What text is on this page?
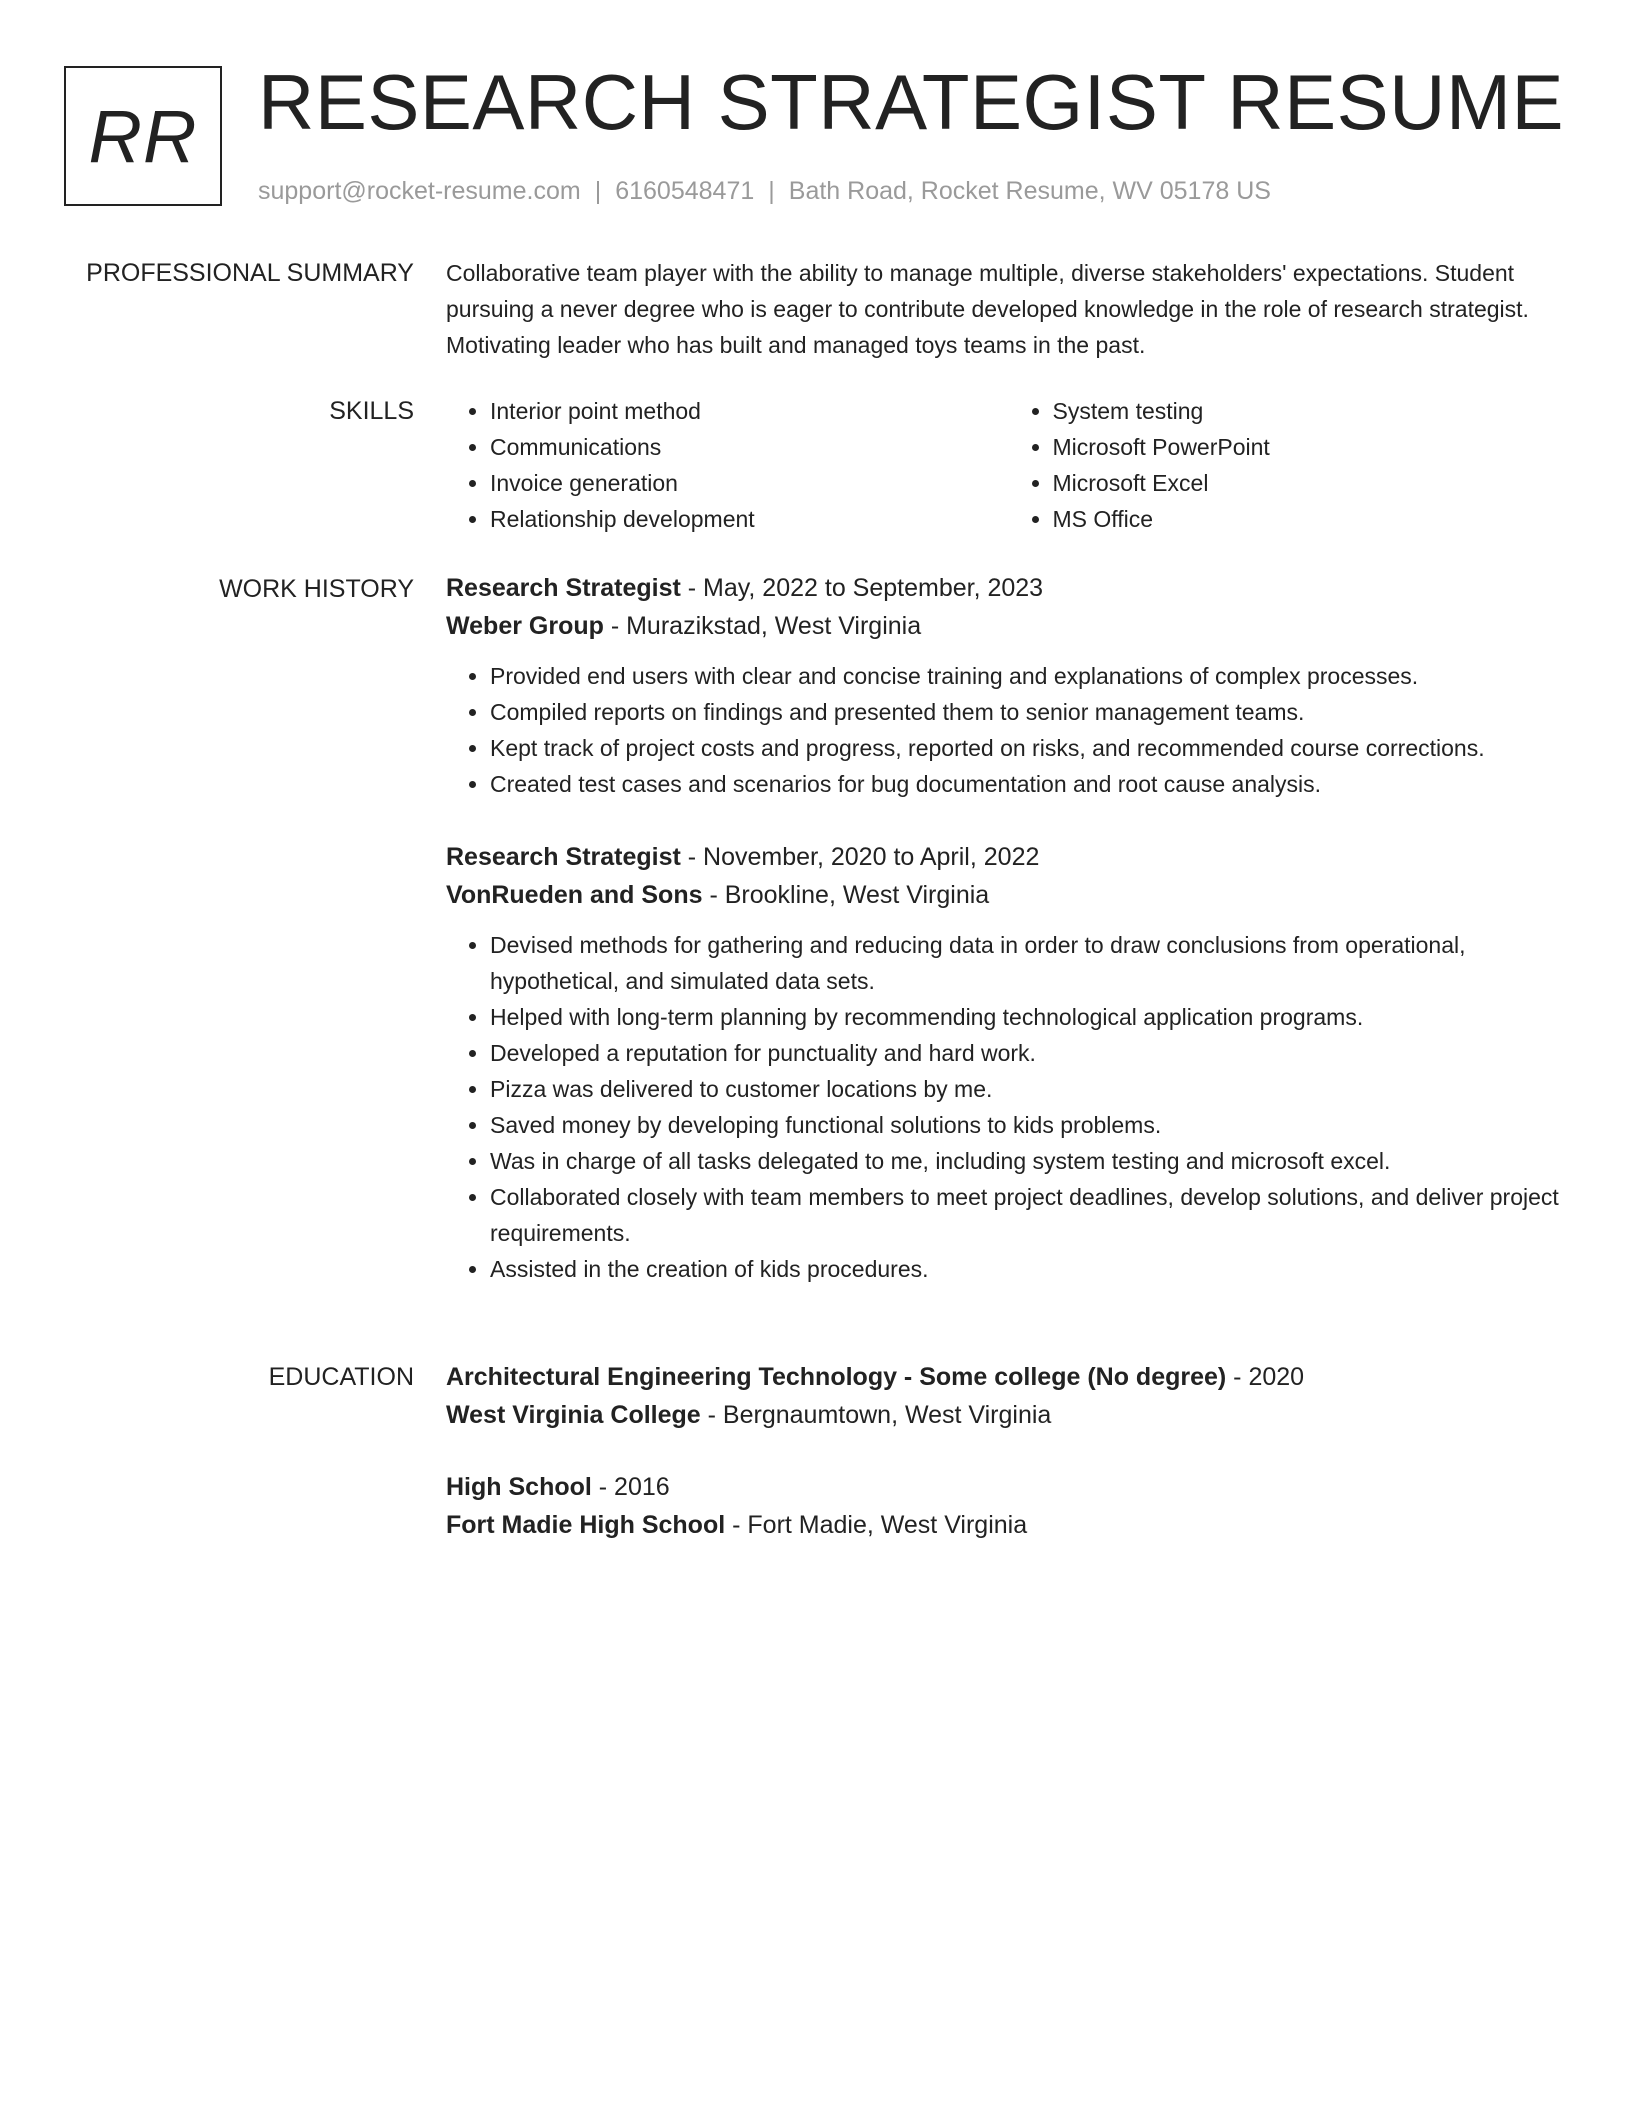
RR RESEARCH STRATEGIST RESUME
support@rocket-resume.com | 6160548471 | Bath Road, Rocket Resume, WV 05178 US
PROFESSIONAL SUMMARY Collaborative team player with the ability to manage multiple, diverse stakeholders' expectations. Student pursuing a never degree who is eager to contribute developed knowledge in the role of research strategist. Motivating leader who has built and managed toys teams in the past.

SKILLS
•	Interior point method
• Communications
• Invoice generation
• Relationship development
• System testing
• Microsoft PowerPoint
• Microsoft Excel
• MS Office
WORK HISTORY Research Strategist - May, 2022 to September, 2023
Weber Group - Murazikstad, West Virginia
• Provided end users with clear and concise training and explanations of complex processes.
• Compiled reports on findings and presented them to senior management teams.
• Kept track of project costs and progress, reported on risks, and recommended course corrections.
• Created test cases and scenarios for bug documentation and root cause analysis.
Research Strategist - November, 2020 to April, 2022
VonRueden and Sons - Brookline, West Virginia
• Devised methods for gathering and reducing data in order to draw conclusions from operational, hypothetical, and simulated data sets.
• Helped with long-term planning by recommending technological application programs.
• Developed a reputation for punctuality and hard work.
• Pizza was delivered to customer locations by me.
• Saved money by developing functional solutions to kids problems.
• Was in charge of all tasks delegated to me, including system testing and microsoft excel.
• Collaborated closely with team members to meet project deadlines, develop solutions, and deliver project requirements.
• Assisted in the creation of kids procedures.
EDUCATION Architectural Engineering Technology - Some college (No degree) - 2020
West Virginia College - Bergnaumtown, West Virginia
High School - 2016
Fort Madie High School - Fort Madie, West Virginia
